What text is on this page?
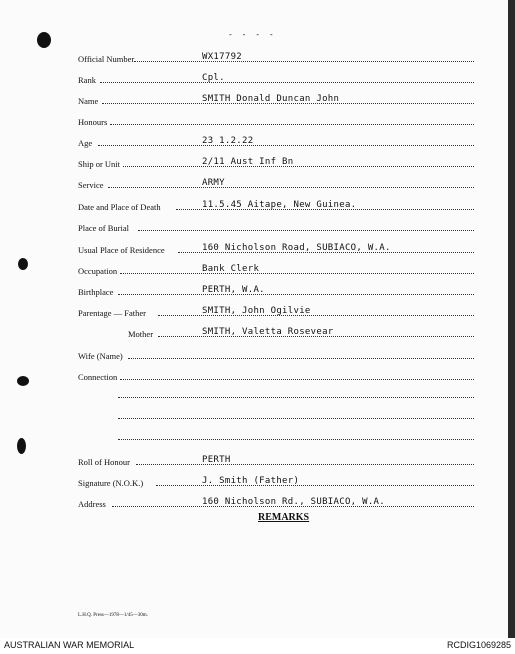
- - - -
Official Number	WX17792
Rank	Cpl.
Name	SMITH Donald Duncan John
Honours
Age	23 1.2.22
Ship or Unit	2/11 Aust Inf Bn
Service	ARMY
Date and Place of Death	11.5.45 Aitape, New Guinea.
Place of Burial
Usual Place of Residence	160 Nicholson Road, SUBIACO, W.A.
Occupation	Bank Clerk
Birthplace	PERTH, W.A.
Parentage — Father	SMITH, John Ogilvie
Mother	SMITH, Valetta Rosevear
Wife (Name)
Connection
Roll of Honour	PERTH
Signature (N.O.K.)	J. Smith (Father)
Address	160 Nicholson Rd., SUBIACO, W.A.
REMARKS
L.H.Q. Press—1978—1/45—30m.
AUSTRALIAN WAR MEMORIAL	RCDIG1069285
